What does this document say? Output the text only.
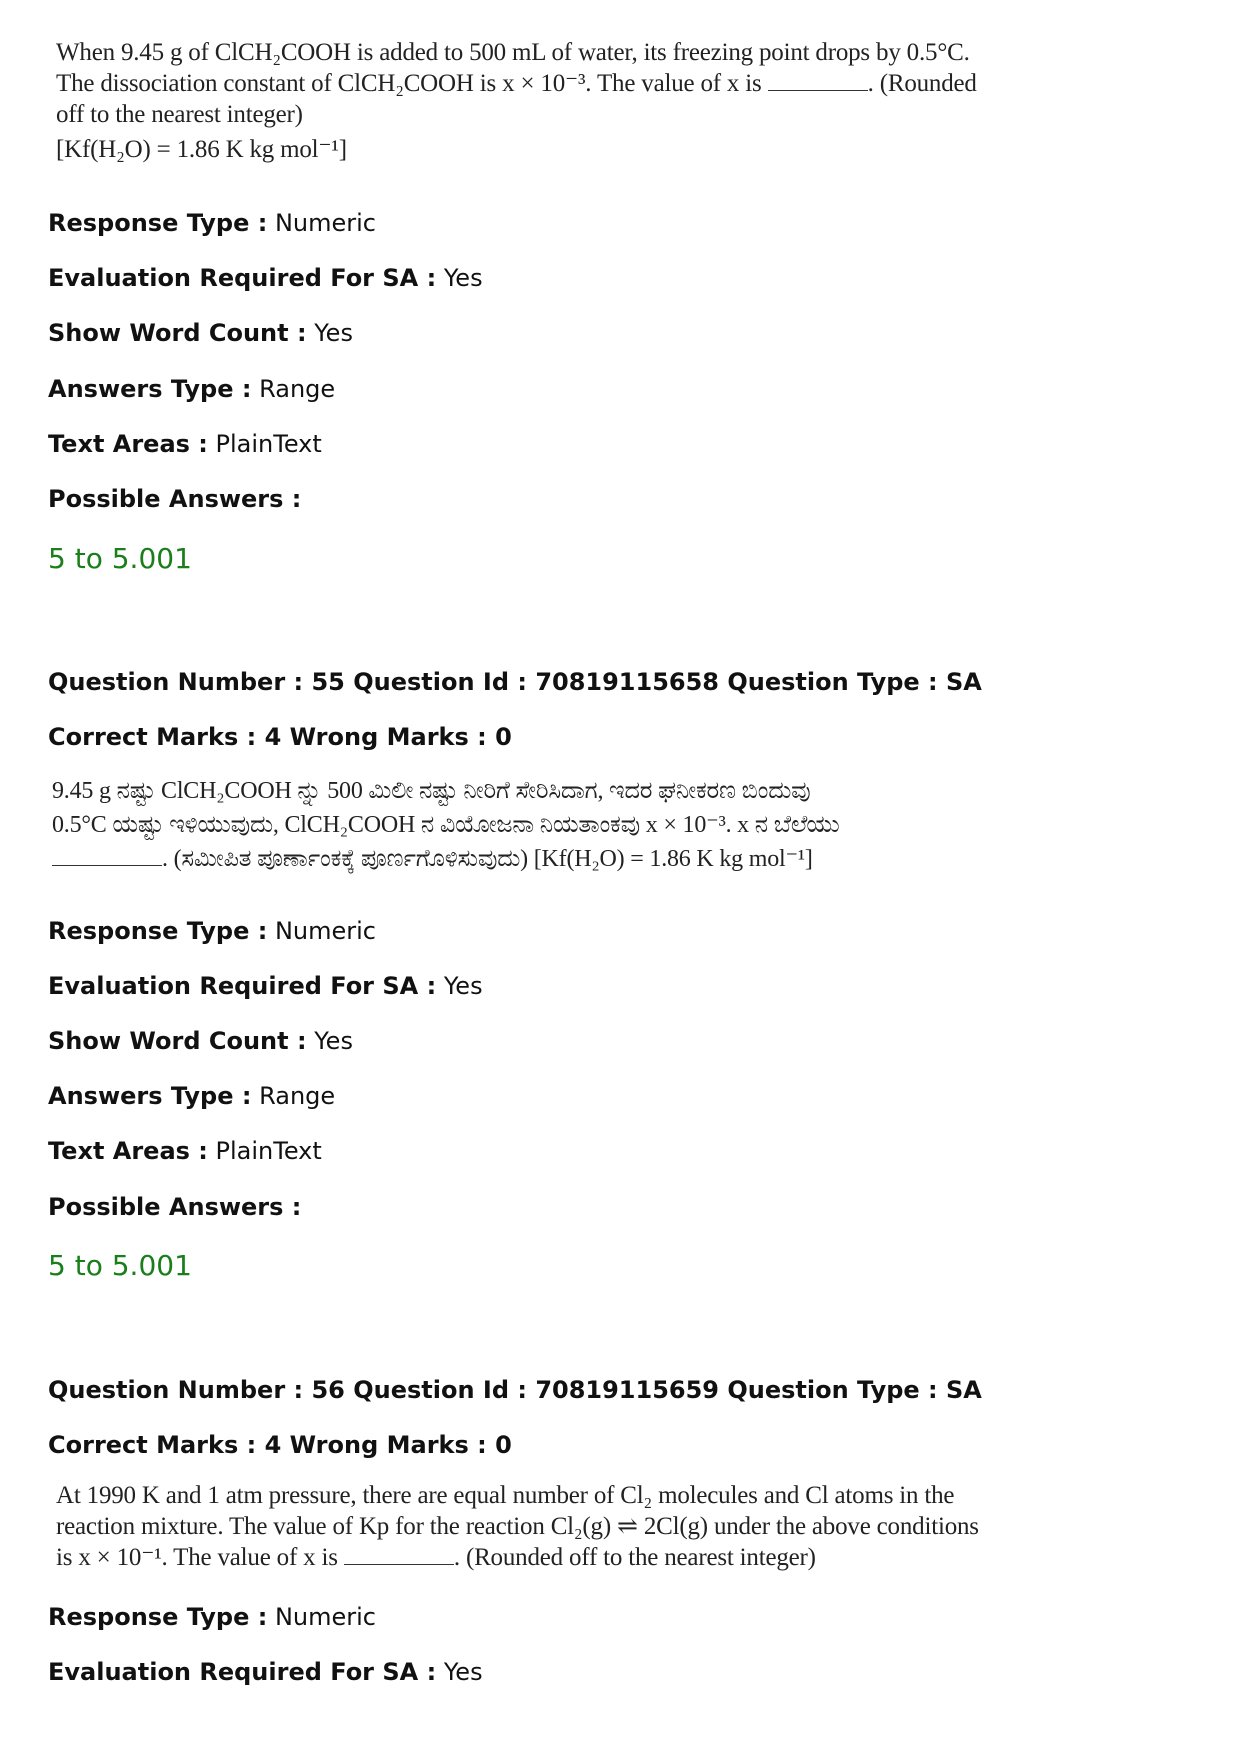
When 9.45 g of ClCH₂COOH is added to 500 mL of water, its freezing point drops by 0.5°C.
The dissociation constant of ClCH₂COOH is x × 10⁻³. The value of x is	. (Rounded
off to the nearest integer)
[Kf(H₂O) = 1.86 K kg mol⁻¹]
Response Type : Numeric
Evaluation Required For SA : Yes
Show Word Count : Yes
Answers Type : Range
Text Areas : PlainText
Possible Answers :
5 to 5.001
Question Number : 55 Question Id : 70819115658 Question Type : SA
Correct Marks : 4 Wrong Marks : 0
9.45 g ನಷ್ಟು ClCH₂COOH ನ್ನು 500 ಮಿಲೀ ನಷ್ಟು ನೀರಿಗೆ ಸೇರಿಸಿದಾಗ, ಇದರ ಘನೀಕರಣ ಬಿಂದುವು
0.5°C ಯಷ್ಟು ಇಳಿಯುವುದು, ClCH₂COOH ನ ವಿಯೋಜನಾ ನಿಯತಾಂಕವು x × 10⁻³. x ನ ಬೆಲೆಯು
. (ಸಮೀಪಿತ ಪೂರ್ಣಾಂಕಕ್ಕೆ ಪೂರ್ಣಗೊಳಿಸುವುದು) [Kf(H₂O) = 1.86 K kg mol⁻¹]
Response Type : Numeric
Evaluation Required For SA : Yes
Show Word Count : Yes
Answers Type : Range
Text Areas : PlainText
Possible Answers :
5 to 5.001
Question Number : 56 Question Id : 70819115659 Question Type : SA
Correct Marks : 4 Wrong Marks : 0
At 1990 K and 1 atm pressure, there are equal number of Cl₂ molecules and Cl atoms in the
reaction mixture. The value of Kp for the reaction Cl₂(g) ⇌ 2Cl(g) under the above conditions
is x × 10⁻¹. The value of x is	. (Rounded off to the nearest integer)
Response Type : Numeric
Evaluation Required For SA : Yes
